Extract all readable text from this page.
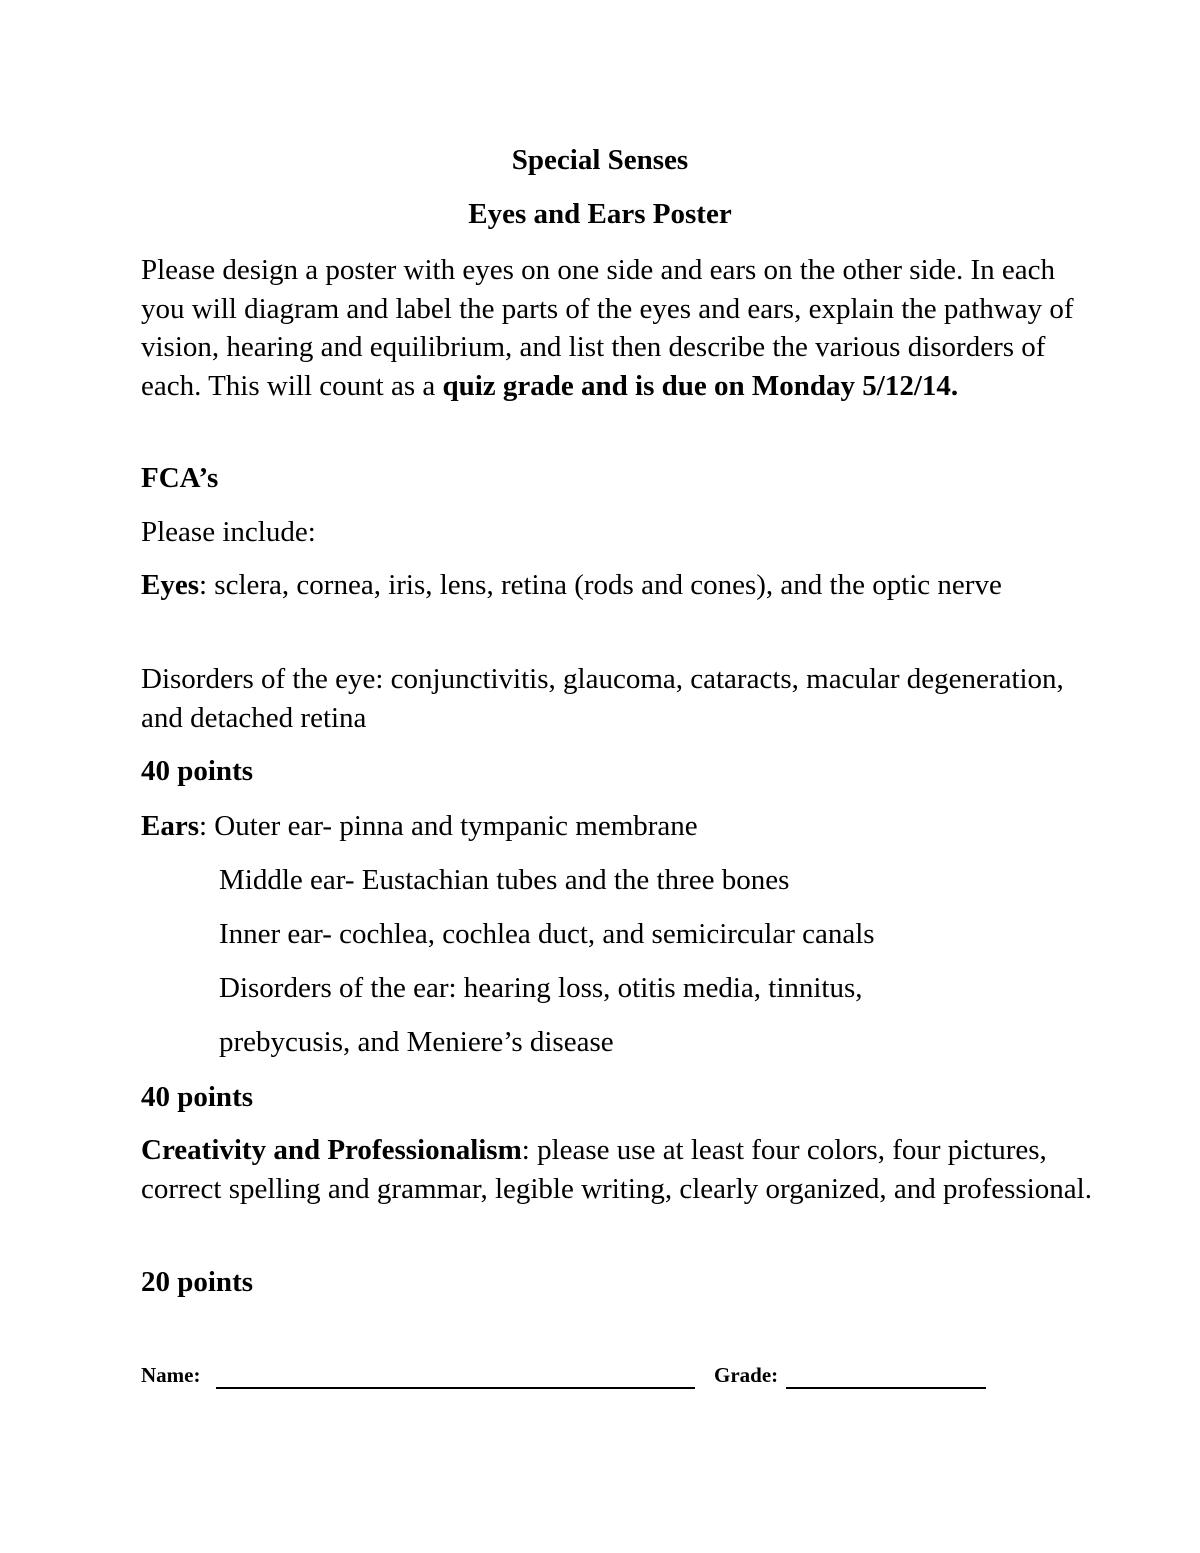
Special Senses
Eyes and Ears Poster
Please design a poster with eyes on one side and ears on the other side. In each you will diagram and label the parts of the eyes and ears, explain the pathway of vision, hearing and equilibrium, and list then describe the various disorders of each. This will count as a quiz grade and is due on Monday 5/12/14.
FCA’s
Please include:
Eyes: sclera, cornea, iris, lens, retina (rods and cones), and the optic nerve
Disorders of the eye: conjunctivitis, glaucoma, cataracts, macular degeneration, and detached retina
40 points
Ears: Outer ear- pinna and tympanic membrane
Middle ear- Eustachian tubes and the three bones
Inner ear- cochlea, cochlea duct, and semicircular canals
Disorders of the ear: hearing loss, otitis media, tinnitus,
prebycusis, and Meniere’s disease
40 points
Creativity and Professionalism: please use at least four colors, four pictures, correct spelling and grammar, legible writing, clearly organized, and professional.
20 points
Name:	Grade:
